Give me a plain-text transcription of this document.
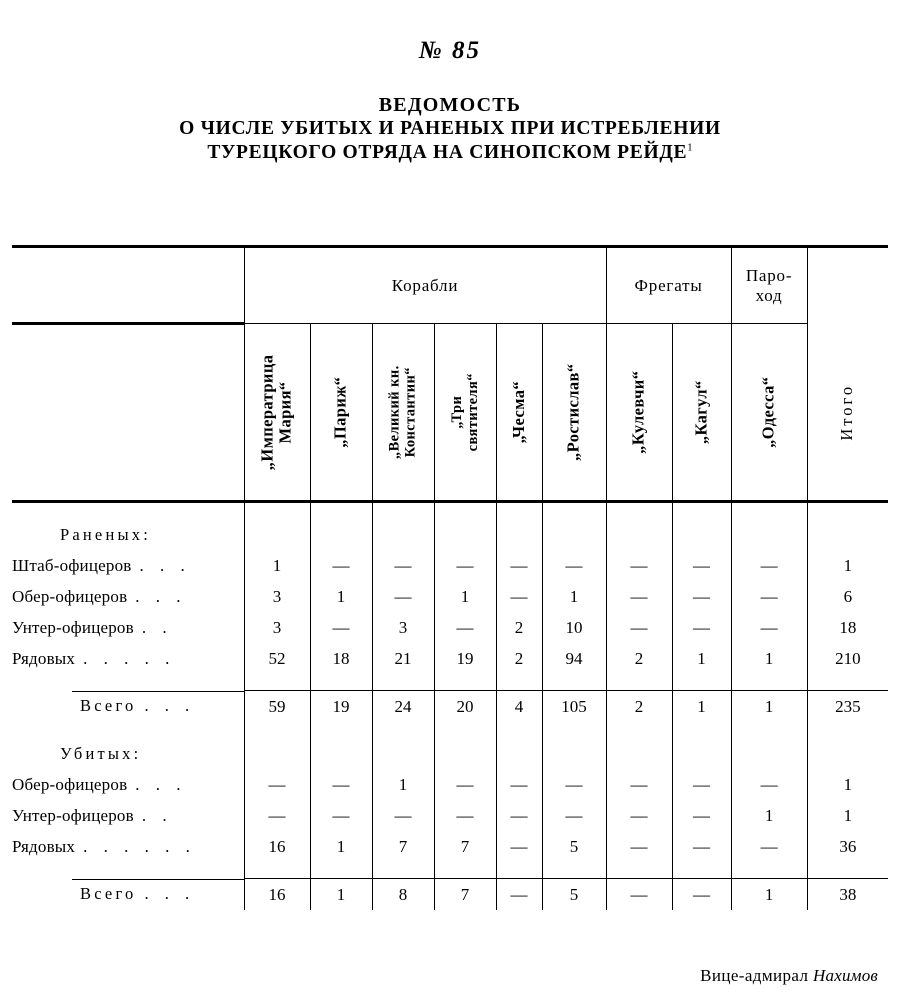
№ 85
ВЕДОМОСТЬ
О ЧИСЛЕ УБИТЫХ И РАНЕНЫХ ПРИ ИСТРЕБЛЕНИИ
ТУРЕЦКОГО ОТРЯДА НА СИНОПСКОМ РЕЙДЕ$^1$
	Корабли						Фрегаты		Паро-
ход	

	„Императрица
Мария“	„Париж“	„Великий кн.
Константин“	„Три
святителя“	„Чесма“	„Ростислав“	„Кулевчи“	„Кагул“	„Одесса“	Итого

Раненых:										
Штаб-офицеров . . .	1	—	—	—	—	—	—	—	—	1
Обер-офицеров . . .	3	1	—	1	—	1	—	—	—	6
Унтер-офицеров . .	3	—	3	—	2	10	—	—	—	18
Рядовых . . . . .	52	18	21	19	2	94	2	1	1	210

Всего . . .	59	19	24	20	4	105	2	1	1	235

Убитых:										
Обер-офицеров . . .	—	—	1	—	—	—	—	—	—	1
Унтер-офицеров . .	—	—	—	—	—	—	—	—	1	1
Рядовых . . . . . .	16	1	7	7	—	5	—	—	—	36

Всего . . .	16	1	8	7	—	5	—	—	1	38
Вице-адмирал Нахимов
